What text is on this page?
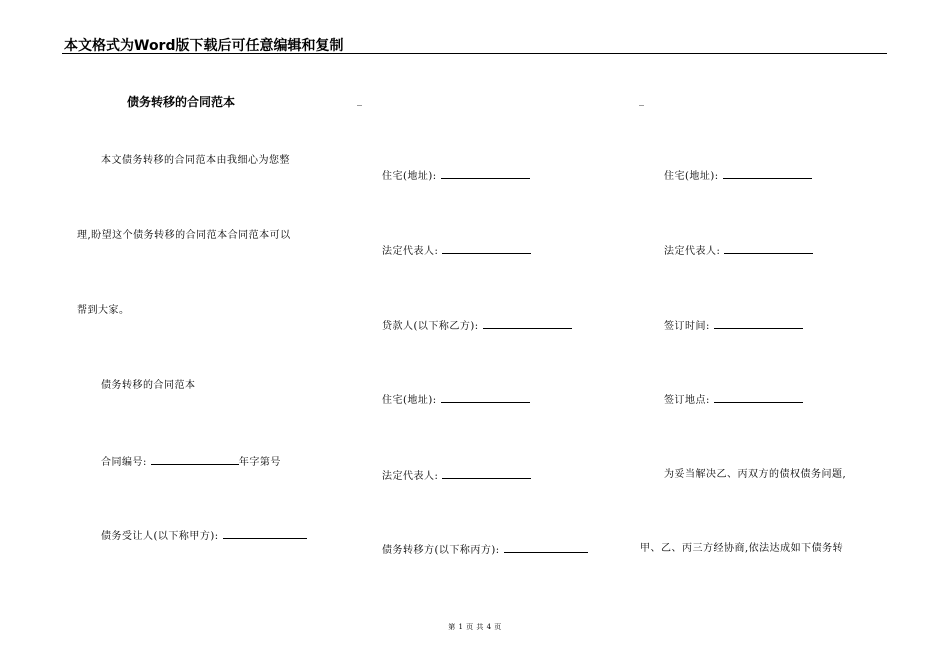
本文格式为Word版下载后可任意编辑和复制
债务转移的合同范本	_	_
本文债务转移的合同范本由我细心为您整
理,盼望这个债务转移的合同范本合同范本可以
帮到大家。
债务转移的合同范本
合同编号:	年字第号
债务受让人(以下称甲方):
住宅(地址):
法定代表人:
贷款人(以下称乙方):
住宅(地址):
法定代表人:
债务转移方(以下称丙方):
住宅(地址):
法定代表人:
签订时间:
签订地点:
为妥当解决乙、丙双方的债权债务问题,
甲、乙、丙三方经协商,依法达成如下债务转
第 1 页 共 4 页
